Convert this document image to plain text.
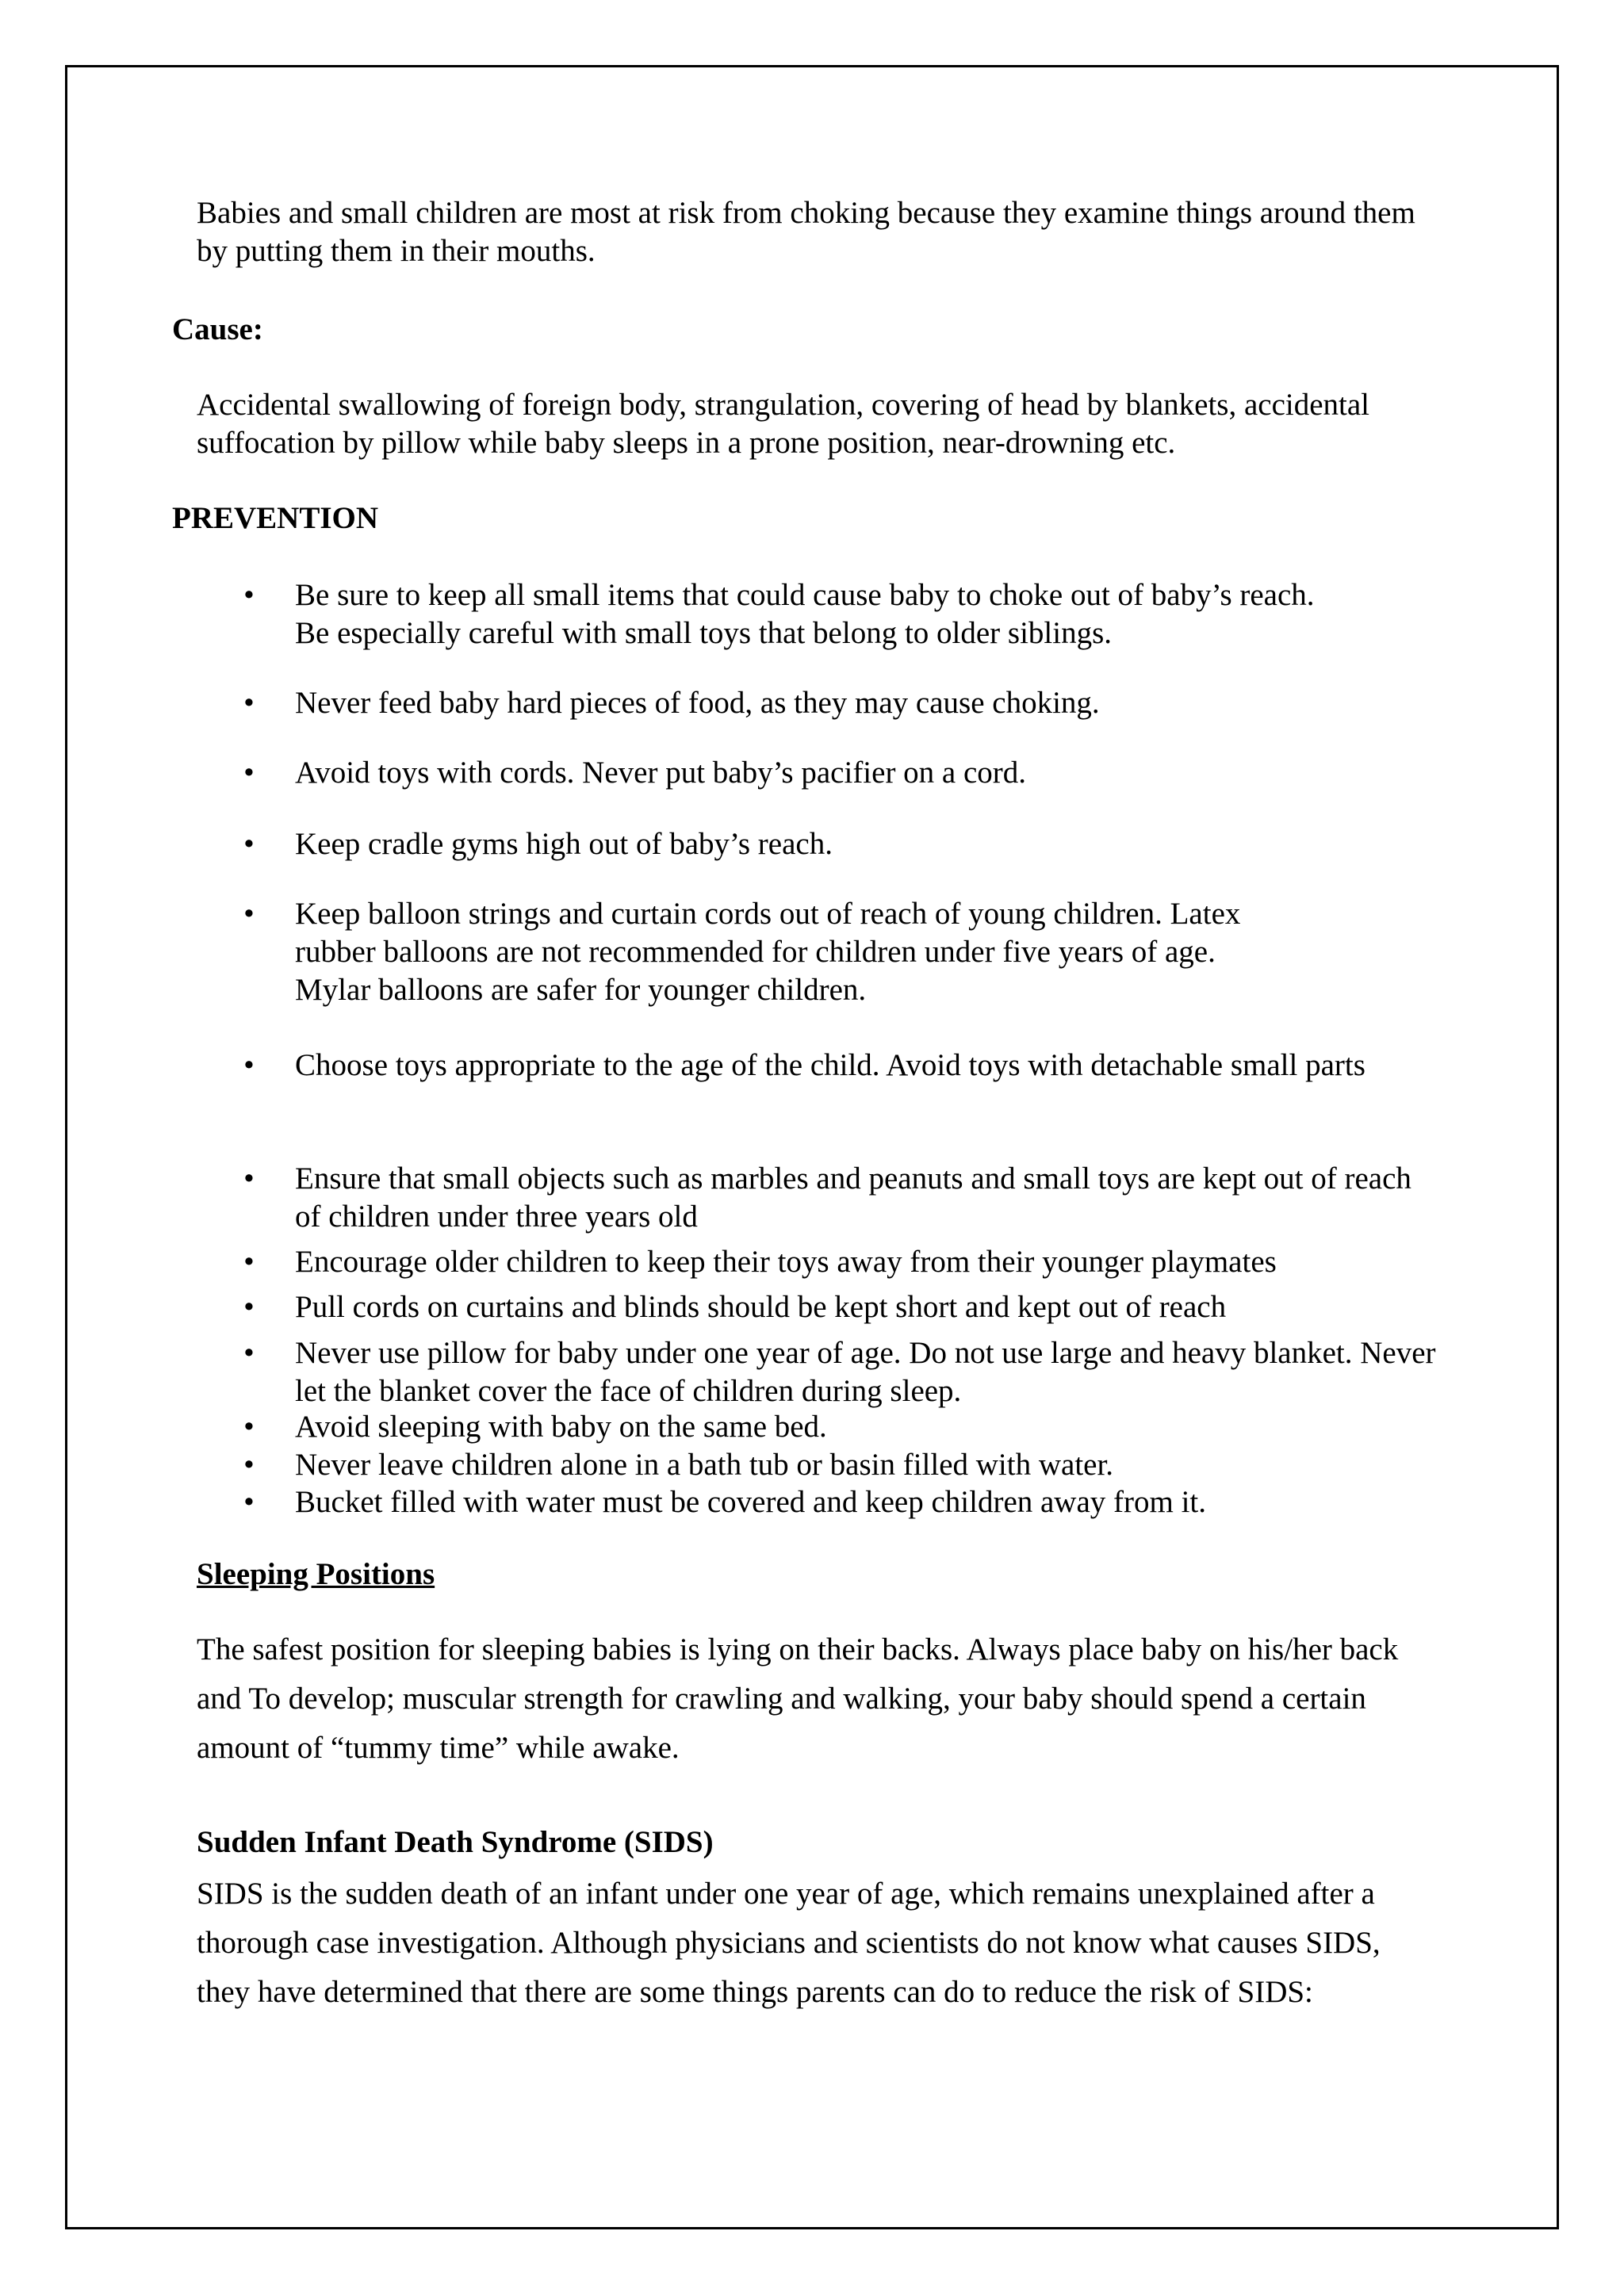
Babies and small children are most at risk from choking because they examine things around them by putting them in their mouths.

Cause:

Accidental swallowing of foreign body, strangulation, covering of head by blankets, accidental suffocation by pillow while baby sleeps in a prone position, near-drowning etc.

PREVENTION

• Be sure to keep all small items that could cause baby to choke out of baby’s reach. Be especially careful with small toys that belong to older siblings.
• Never feed baby hard pieces of food, as they may cause choking.
• Avoid toys with cords. Never put baby’s pacifier on a cord.
• Keep cradle gyms high out of baby’s reach.
• Keep balloon strings and curtain cords out of reach of young children. Latex rubber balloons are not recommended for children under five years of age. Mylar balloons are safer for younger children.
• Choose toys appropriate to the age of the child. Avoid toys with detachable small parts
• Ensure that small objects such as marbles and peanuts and small toys are kept out of reach of children under three years old
• Encourage older children to keep their toys away from their younger playmates
• Pull cords on curtains and blinds should be kept short and kept out of reach
• Never use pillow for baby under one year of age. Do not use large and heavy blanket. Never let the blanket cover the face of children during sleep.
• Avoid sleeping with baby on the same bed.
• Never leave children alone in a bath tub or basin filled with water.
• Bucket filled with water must be covered and keep children away from it.

Sleeping Positions

The safest position for sleeping babies is lying on their backs. Always place baby on his/her back and To develop; muscular strength for crawling and walking, your baby should spend a certain amount of “tummy time” while awake.

Sudden Infant Death Syndrome (SIDS)

SIDS is the sudden death of an infant under one year of age, which remains unexplained after a thorough case investigation. Although physicians and scientists do not know what causes SIDS, they have determined that there are some things parents can do to reduce the risk of SIDS:
